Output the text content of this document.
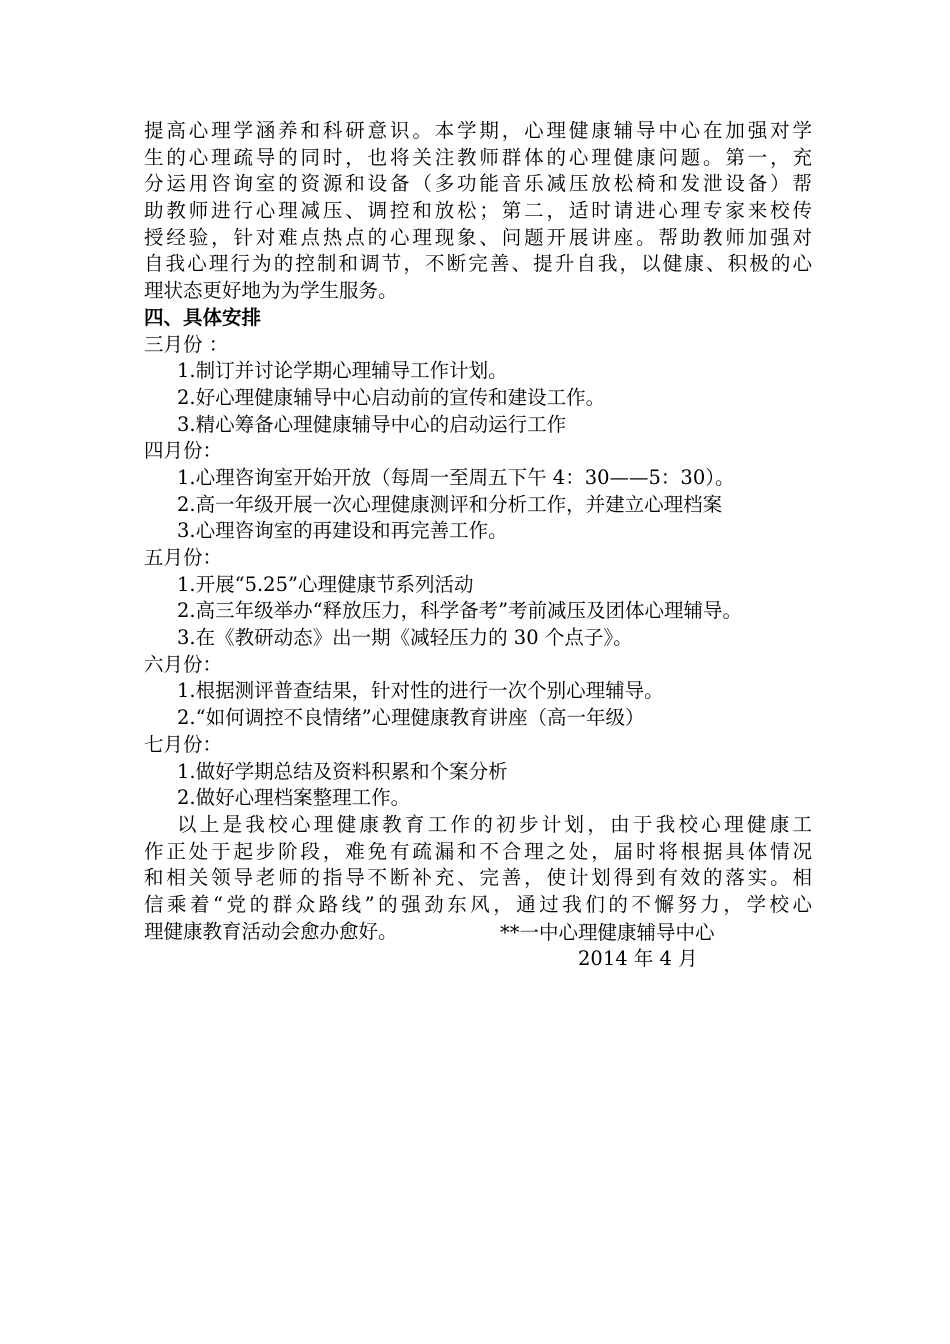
提高心理学涵养和科研意识。本学期，心理健康辅导中心在加强对学
生的心理疏导的同时，也将关注教师群体的心理健康问题。第一，充
分运用咨询室的资源和设备（多功能音乐减压放松椅和发泄设备）帮
助教师进行心理减压、调控和放松；第二，适时请进心理专家来校传
授经验，针对难点热点的心理现象、问题开展讲座。帮助教师加强对
自我心理行为的控制和调节，不断完善、提升自我，以健康、积极的心
理状态更好地为为学生服务。
四、具体安排
三月份 ：
1.制订并讨论学期心理辅导工作计划。
2.好心理健康辅导中心启动前的宣传和建设工作。
3.精心筹备心理健康辅导中心的启动运行工作
四月份：
1.心理咨询室开始开放（每周一至周五下午 4：30——5：30）。
2.高一年级开展一次心理健康测评和分析工作，并建立心理档案
3.心理咨询室的再建设和再完善工作。
五月份：
1.开展“5.25”心理健康节系列活动
2.高三年级举办“释放压力，科学备考”考前减压及团体心理辅导。
3.在《教研动态》出一期《减轻压力的 30 个点子》。
六月份：
1.根据测评普查结果，针对性的进行一次个别心理辅导。
2.“如何调控不良情绪”心理健康教育讲座（高一年级）
七月份：
1.做好学期总结及资料积累和个案分析
2.做好心理档案整理工作。
以上是我校心理健康教育工作的初步计划，由于我校心理健康工
作正处于起步阶段，难免有疏漏和不合理之处，届时将根据具体情况
和相关领导老师的指导不断补充、完善，使计划得到有效的落实。相
信乘着“党的群众路线”的强劲东风，通过我们的不懈努力，学校心
理健康教育活动会愈办愈好。	**一中心理健康辅导中心
2014 年 4 月
